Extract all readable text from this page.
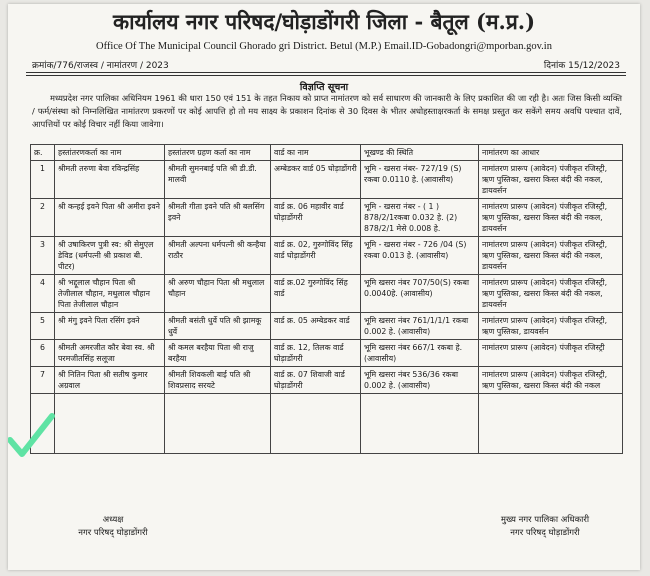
कार्यालय नगर परिषद/घोड़ाडोंगरी जिला - बैतूल (म.प्र.)
Office Of The Municipal Council Ghorado gri District. Betul (M.P.) Email.ID-Gobadongri@mporban.gov.in
क्रमांक/776/राजस्व / नामांतरण / 2023	दिनांक 15/12/2023
विज्ञप्ति सूचना
मध्यप्रदेश नगर पालिका अधिनियम 1961 की धारा 150 एवं 151 के तहत निकाय को प्राप्त नामांतरण को सर्व साधारण की जानकारी के लिए प्रकाशित की जा रही है। अतः जिस किसी व्यक्ति / फर्म/संस्था को निम्नलिखित नामांतरण प्रकरणों पर कोई आपत्ति हो तो मय साक्ष्य के प्रकाशन दिनांक से 30 दिवस के भीतर अधोहस्ताक्षरकर्ता के समक्ष प्रस्तुत कर सकेंगे समय अवधि पश्चात दावें, आपत्तियों पर कोई विचार नहीं किया जावेगा।
क्र.	हस्तांतरणकर्ता का नाम	हस्तांतरण ग्रहण कर्ता का नाम	वार्ड का नाम	भूखण्ड की स्थिति	नामांतरण का आधार
1	श्रीमती तरुणा बेवा रविन्द्रसिंह	श्रीमती सुमनबाई पति श्री डी.डी. मालवी	अम्बेडकर वार्ड 05 घोड़ाडोंगरी	भूमि - खसरा नंबर- 727/19 (S) रकबा 0.0110 हे. (आवासीय)	नामांतरण प्रारूप (आवेदन) पंजीकृत रजिस्ट्री, ऋण पुस्तिका, खसरा किस्त बंदी की नकल, डायवर्सन
2	श्री कन्हई इवने पिता श्री अमीरा इवने	श्रीमती गीता इवने पति श्री बलसिंग इवने	वार्ड क्र. 06 महावीर वार्ड घोड़ाडोंगरी	भूमि - खसरा नंबर - ( 1 ) 878/2/1रकबा 0.032 हे. (2) 878/2/1 मेसे 0.008 हे.	नामांतरण प्रारूप (आवेदन) पंजीकृत रजिस्ट्री, ऋण पुस्तिका, खसरा किस्त बंदी की नकल, डायवर्सन
3	श्री उषाकिरण पुत्री स्व: श्री सेमुएल डेविड (धर्मपत्नी श्री प्रकाश बी. पीटर)	श्रीमती अल्पना धर्मपत्नी श्री कन्हैया राठौर	वार्ड क्र. 02, गुरुगोविंद सिंह वार्ड घोड़ाडोंगरी	भूमि - खसरा नंबर - 726 /04 (S) रकबा 0.013 हे. (आवासीय)	नामांतरण प्रारूप (आवेदन) पंजीकृत रजिस्ट्री, ऋण पुस्तिका, खसरा किस्त बंदी की नकल, डायवर्सन
4	श्री भद्दूलाल चौहान पिता श्री तेजीलाल चौहान, मथुलाल चौहान पिता तेजीलाल चौहान	श्री अरुण चौहान पिता श्री मथुलाल चौहान	वार्ड क्र.02 गुरुगोविंद सिंह वार्ड	भूमि खसरा नंबर 707/50(S) रकबा 0.0040हे. (आवासीय)	नामांतरण प्रारूप (आवेदन) पंजीकृत रजिस्ट्री, ऋण पुस्तिका, खसरा किस्त बंदी की नकल, डायवर्सन
5	श्री मंगु इवने पिता रसिंग इवने	श्रीमती बसंती धुर्वे पति श्री झामकू धुर्वे	वार्ड क्र. 05 अम्बेडकर वार्ड	भूमि खसरा नंबर 761/1/1/1 रकबा 0.002 हे. (आवासीय)	नामांतरण प्रारूप (आवेदन) पंजीकृत रजिस्ट्री, ऋण पुस्तिका, डायवर्सन
6	श्रीमती अमरजीत कौर बेवा स्व. श्री परमजीतसिंह सलूजा	श्री कमल बरहैया पिता श्री राजु बरहैया	वार्ड क्र. 12, तिलक वार्ड घोड़ाडोंगरी	भूमि खसरा नंबर 667/1 रकबा हे. (आवासीय)	नामांतरण प्रारूप (आवेदन) पंजीकृत रजिस्ट्री
7	श्री नितिन पिता श्री सतीष कुमार अग्रवाल	श्रीमती शिवकली बाई पति श्री शिवप्रसाद सरयटे	वार्ड क्र. 07 शिवाजी वार्ड घोड़ाडोंगरी	भूमि खसरा नंबर 536/36 रकबा 0.002 हे. (आवासीय)	नामांतरण प्रारूप (आवेदन) पंजीकृत रजिस्ट्री, ऋण पुस्तिका, खसरा किस्त बंदी की नकल

अध्यक्ष
नगर परिषद् घोड़ाडोंगरी
मुख्य नगर पालिका अधिकारी
नगर परिषद् घोड़ाडोंगरी
